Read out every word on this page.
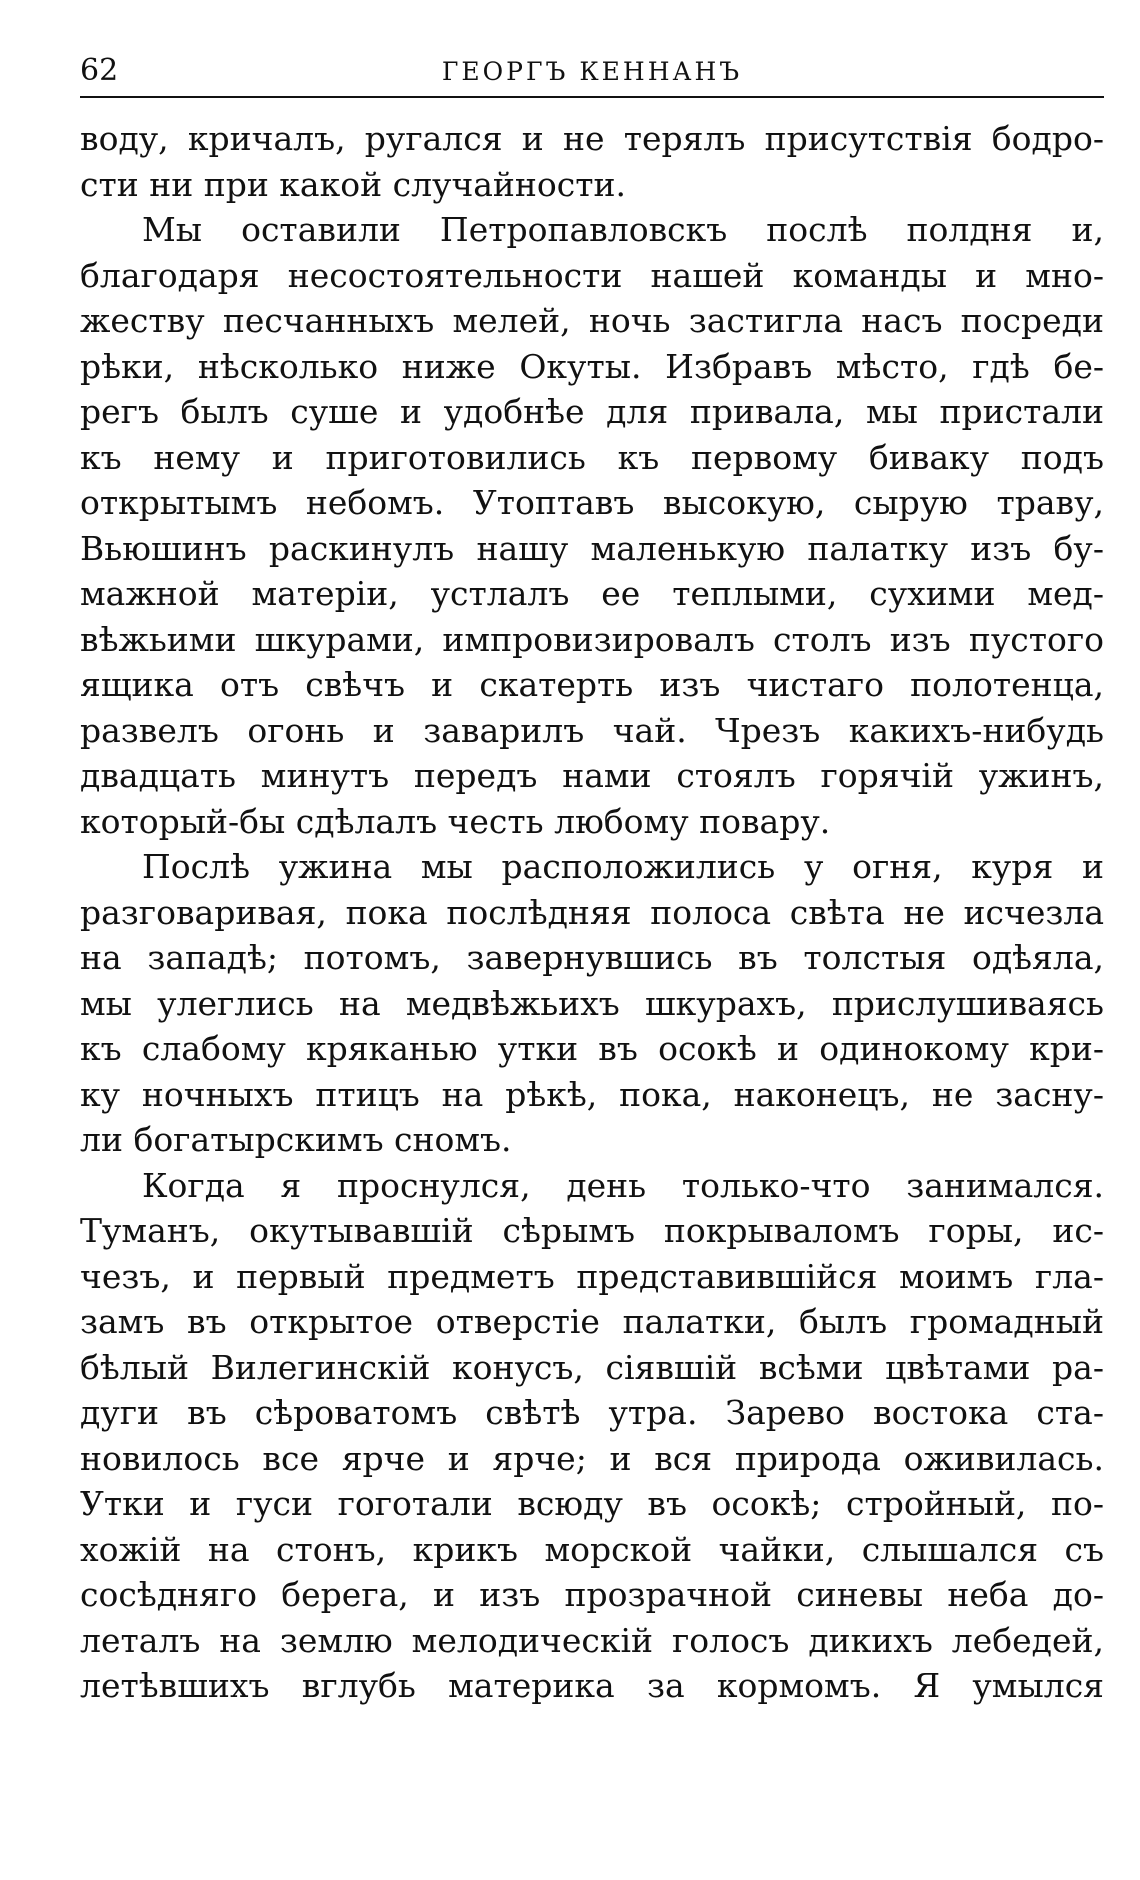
62	ГЕОРГЪ КЕННАНЪ
воду, кричалъ, ругался и не терялъ присутствія бодро-
сти ни при какой случайности.
Мы оставили Петропавловскъ послѣ полдня и,
благодаря несостоятельности нашей команды и мно-
жеству песчанныхъ мелей, ночь застигла насъ посреди
рѣки, нѣсколько ниже Окуты. Избравъ мѣсто, гдѣ бе-
регъ былъ суше и удобнѣе для привала, мы пристали
къ нему и приготовились къ первому бивaку подъ
открытымъ небомъ. Утоптавъ высокую, сырую траву,
Вьюшинъ раскинулъ нашу маленькую палатку изъ бу-
мажной матеріи, устлалъ ее теплыми, сухими мед-
вѣжьими шкурами, импровизировалъ столъ изъ пустого
ящика отъ свѣчъ и скатерть изъ чистаго полотенца,
развелъ огонь и заварилъ чай. Чрезъ какихъ-нибудь
двадцать минутъ передъ нами стоялъ горячій ужинъ,
который-бы сдѣлалъ честь любому повару.
Послѣ ужина мы расположились у огня, куря и
разговаривая, пока послѣдняя полоса свѣта не исчезла
на западѣ; потомъ, завернувшись въ толстыя одѣяла,
мы улеглись на медвѣжьихъ шкурахъ, прислушиваясь
къ слабому кряканью утки въ осокѣ и одинокому кри-
ку ночныхъ птицъ на рѣкѣ, пока, наконецъ, не засну-
ли богатырскимъ сномъ.
Когда я проснулся, день только-что занимался.
Туманъ, окутывавшій сѣрымъ покрываломъ горы, ис-
чезъ, и первый предметъ представившійся моимъ гла-
замъ въ открытое отверстіе палатки, былъ громадный
бѣлый Вилегинскій конусъ, сіявшій всѣми цвѣтами ра-
дуги въ сѣроватомъ свѣтѣ утра. Зарево востока ста-
новилось все ярче и ярче; и вся природа оживилась.
Утки и гуси гоготали всюду въ осокѣ; стройный, по-
хожій на стонъ, крикъ морской чайки, слышался съ
сосѣдняго берега, и изъ прозрачной синевы неба до-
леталъ на землю мелодическій голосъ дикихъ лебедей,
летѣвшихъ вглубь материка за кормомъ. Я умылся
